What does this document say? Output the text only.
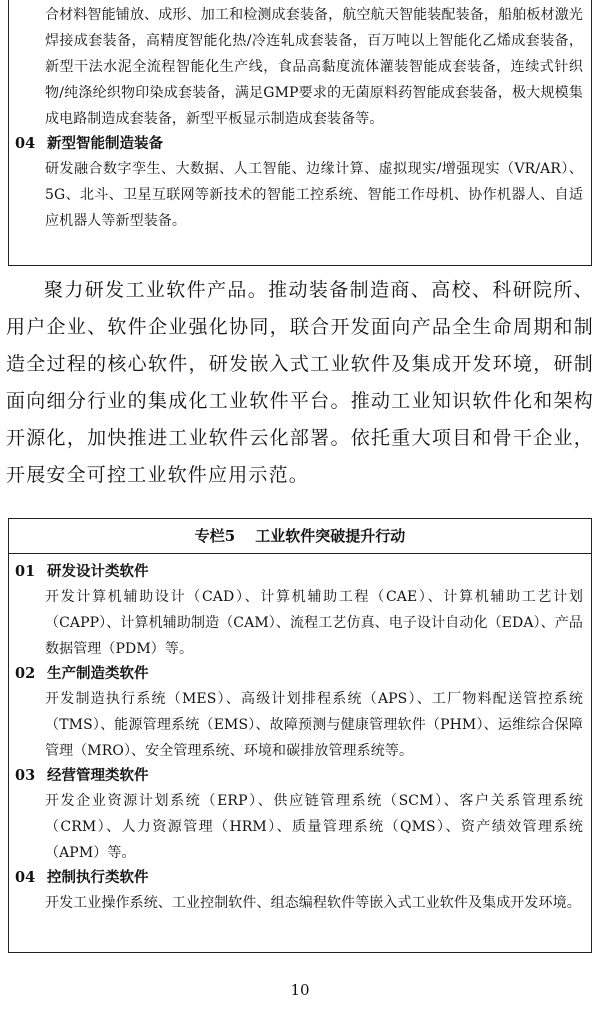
合材料智能铺放、成形、加工和检测成套装备，航空航天智能装配装备，船舶板材激光焊接成套装备，高精度智能化热/冷连轧成套装备，百万吨以上智能化乙烯成套装备，新型干法水泥全流程智能化生产线，食品高黏度流体灌装智能成套装备，连续式针织物/纯涤纶织物印染成套装备，满足GMP要求的无菌原料药智能成套装备，极大规模集成电路制造成套装备，新型平板显示制造成套装备等。
04 新型智能制造装备
研发融合数字孪生、大数据、人工智能、边缘计算、虚拟现实/增强现实（VR/AR）、5G、北斗、卫星互联网等新技术的智能工控系统、智能工作母机、协作机器人、自适应机器人等新型装备。
聚力研发工业软件产品。推动装备制造商、高校、科研院所、用户企业、软件企业强化协同，联合开发面向产品全生命周期和制造全过程的核心软件，研发嵌入式工业软件及集成开发环境，研制面向细分行业的集成化工业软件平台。推动工业知识软件化和架构开源化，加快推进工业软件云化部署。依托重大项目和骨干企业，开展安全可控工业软件应用示范。
专栏5 工业软件突破提升行动
01 研发设计类软件
开发计算机辅助设计（CAD）、计算机辅助工程（CAE）、计算机辅助工艺计划（CAPP）、计算机辅助制造（CAM）、流程工艺仿真、电子设计自动化（EDA）、产品数据管理（PDM）等。
02 生产制造类软件
开发制造执行系统（MES）、高级计划排程系统（APS）、工厂物料配送管控系统（TMS）、能源管理系统（EMS）、故障预测与健康管理软件（PHM）、运维综合保障管理（MRO）、安全管理系统、环境和碳排放管理系统等。
03 经营管理类软件
开发企业资源计划系统（ERP）、供应链管理系统（SCM）、客户关系管理系统（CRM）、人力资源管理（HRM）、质量管理系统（QMS）、资产绩效管理系统（APM）等。
04 控制执行类软件
开发工业操作系统、工业控制软件、组态编程软件等嵌入式工业软件及集成开发环境。
10
